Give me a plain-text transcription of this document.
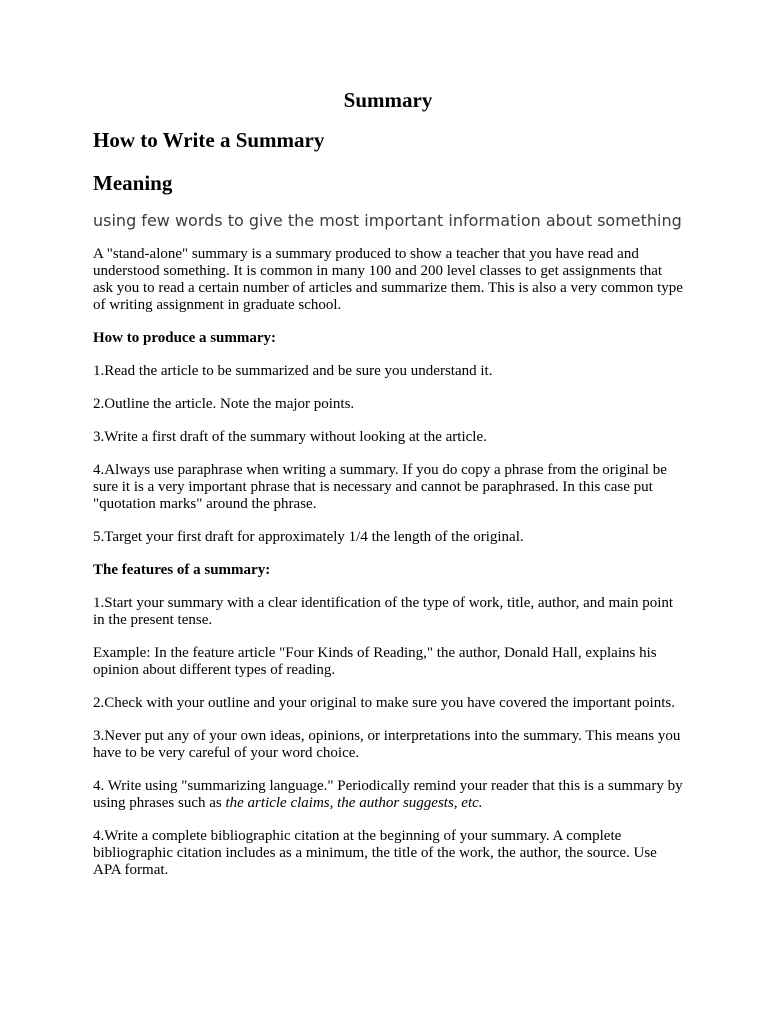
Summary
How to Write a Summary
Meaning
using few words to give the most important information about something
A "stand-alone" summary is a summary produced to show a teacher that you have read and understood something. It is common in many 100 and 200 level classes to get assignments that ask you to read a certain number of articles and summarize them. This is also a very common type of writing assignment in graduate school.
How to produce a summary:
1.Read the article to be summarized and be sure you understand it.
2.Outline the article. Note the major points.
3.Write a first draft of the summary without looking at the article.
4.Always use paraphrase when writing a summary. If you do copy a phrase from the original be sure it is a very important phrase that is necessary and cannot be paraphrased. In this case put "quotation marks" around the phrase.
5.Target your first draft for approximately 1/4 the length of the original.
The features of a summary:
1.Start your summary with a clear identification of the type of work, title, author, and main point in the present tense.
Example: In the feature article "Four Kinds of Reading," the author, Donald Hall, explains his opinion about different types of reading.
2.Check with your outline and your original to make sure you have covered the important points.
3.Never put any of your own ideas, opinions, or interpretations into the summary. This means you have to be very careful of your word choice.
4. Write using "summarizing language." Periodically remind your reader that this is a summary by using phrases such as the article claims, the author suggests, etc.
4.Write a complete bibliographic citation at the beginning of your summary. A complete bibliographic citation includes as a minimum, the title of the work, the author, the source. Use APA format.
